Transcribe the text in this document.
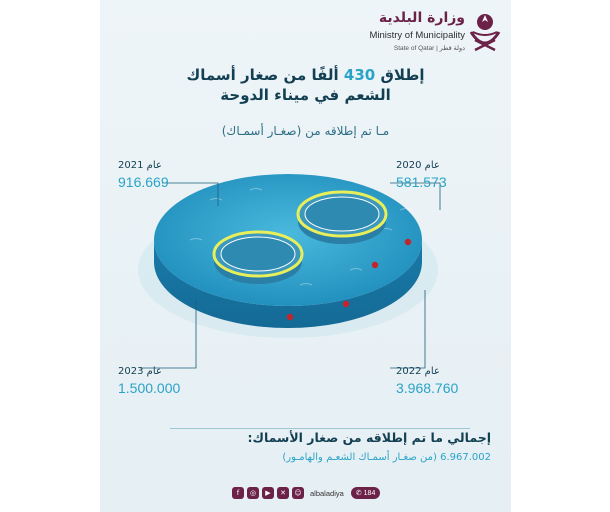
وزارة البلدية
Ministry of Municipality
State of Qatar | دولة قطر
إطلاق 430 ألفًا من صغار أسماك
الشعم في ميناء الدوحة
مـا تم إطلاقه من (صغـار أسمـاك)
عام 2021
916.669
عام 2020
581.573
عام 2023
1.500.000
عام 2022
3.968.760
إجمالي ما تم إطلاقه من صغار الأسماك:
6.967.002 (من صغـار أسمـاك الشعـم والهامـور)
f	◎	▶	✕	☺	albaladiya ✆ 184
